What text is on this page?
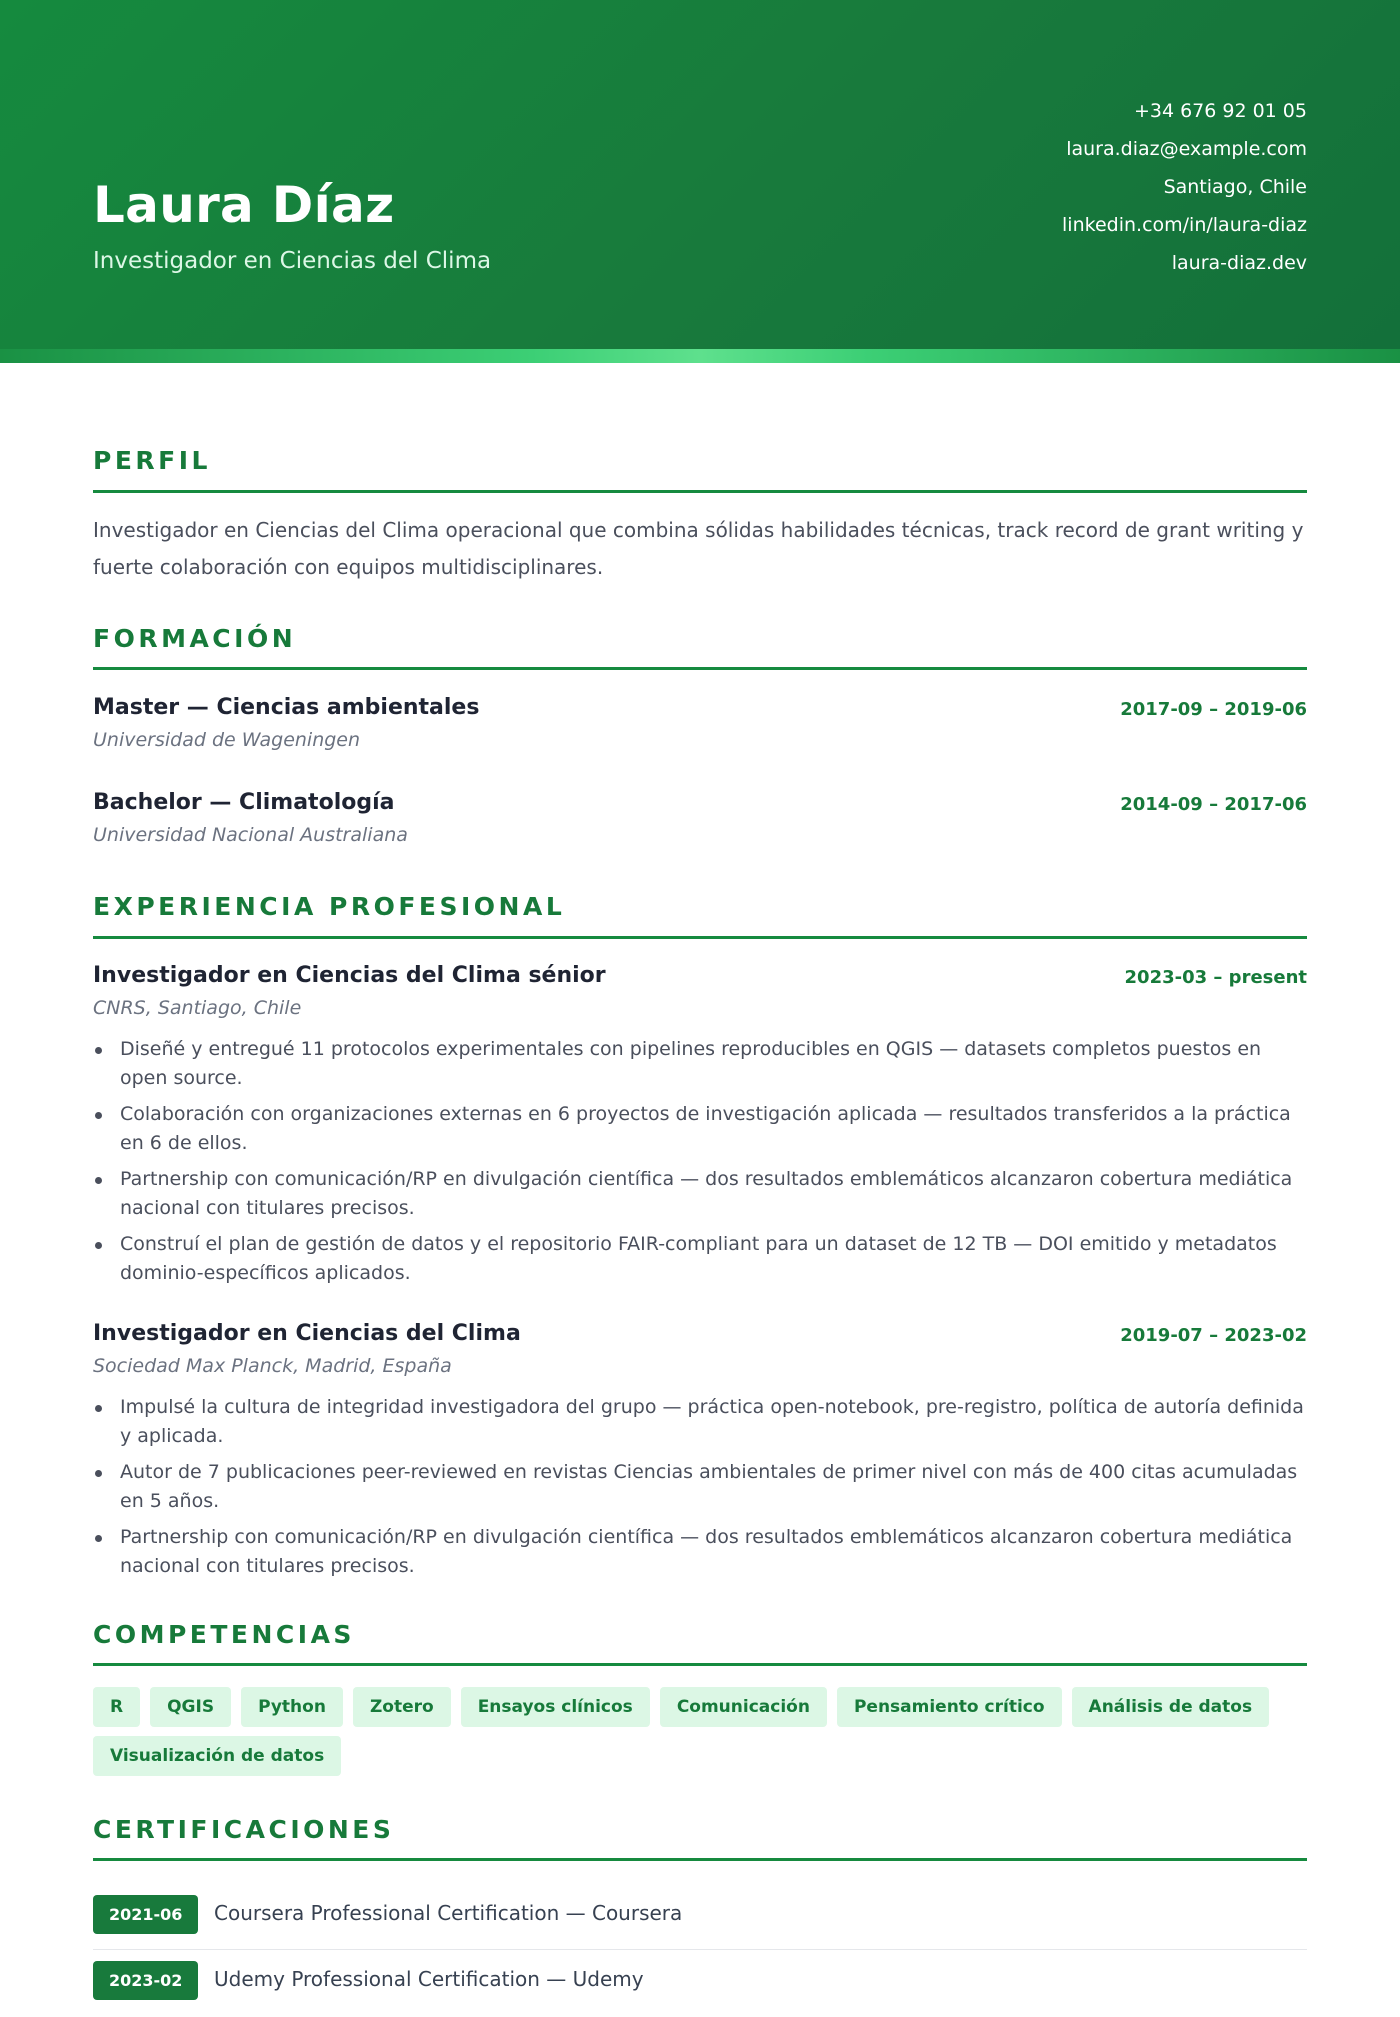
Laura Díaz
Investigador en Ciencias del Clima
+34 676 92 01 05
laura.diaz@example.com
Santiago, Chile
linkedin.com/in/laura-diaz
laura-diaz.dev
PERFIL
Investigador en Ciencias del Clima operacional que combina sólidas habilidades técnicas, track record de grant writing y fuerte colaboración con equipos multidisciplinares.
FORMACIÓN
Master — Ciencias ambientales	2017-09 – 2019-06
Universidad de Wageningen
Bachelor — Climatología	2014-09 – 2017-06
Universidad Nacional Australiana
EXPERIENCIA PROFESIONAL
Investigador en Ciencias del Clima sénior	2023-03 – present
CNRS, Santiago, Chile
Diseñé y entregué 11 protocolos experimentales con pipelines reproducibles en QGIS — datasets completos puestos en open source.
Colaboración con organizaciones externas en 6 proyectos de investigación aplicada — resultados transferidos a la práctica en 6 de ellos.
Partnership con comunicación/RP en divulgación científica — dos resultados emblemáticos alcanzaron cobertura mediática nacional con titulares precisos.
Construí el plan de gestión de datos y el repositorio FAIR-compliant para un dataset de 12 TB — DOI emitido y metadatos dominio-específicos aplicados.
Investigador en Ciencias del Clima	2019-07 – 2023-02
Sociedad Max Planck, Madrid, España
Impulsé la cultura de integridad investigadora del grupo — práctica open-notebook, pre-registro, política de autoría definida y aplicada.
Autor de 7 publicaciones peer-reviewed en revistas Ciencias ambientales de primer nivel con más de 400 citas acumuladas en 5 años.
Partnership con comunicación/RP en divulgación científica — dos resultados emblemáticos alcanzaron cobertura mediática nacional con titulares precisos.
COMPETENCIAS
R	QGIS	Python	Zotero	Ensayos clínicos	Comunicación	Pensamiento crítico	Análisis de datos
Visualización de datos
CERTIFICACIONES
2021-06	Coursera Professional Certification — Coursera
2023-02	Udemy Professional Certification — Udemy
